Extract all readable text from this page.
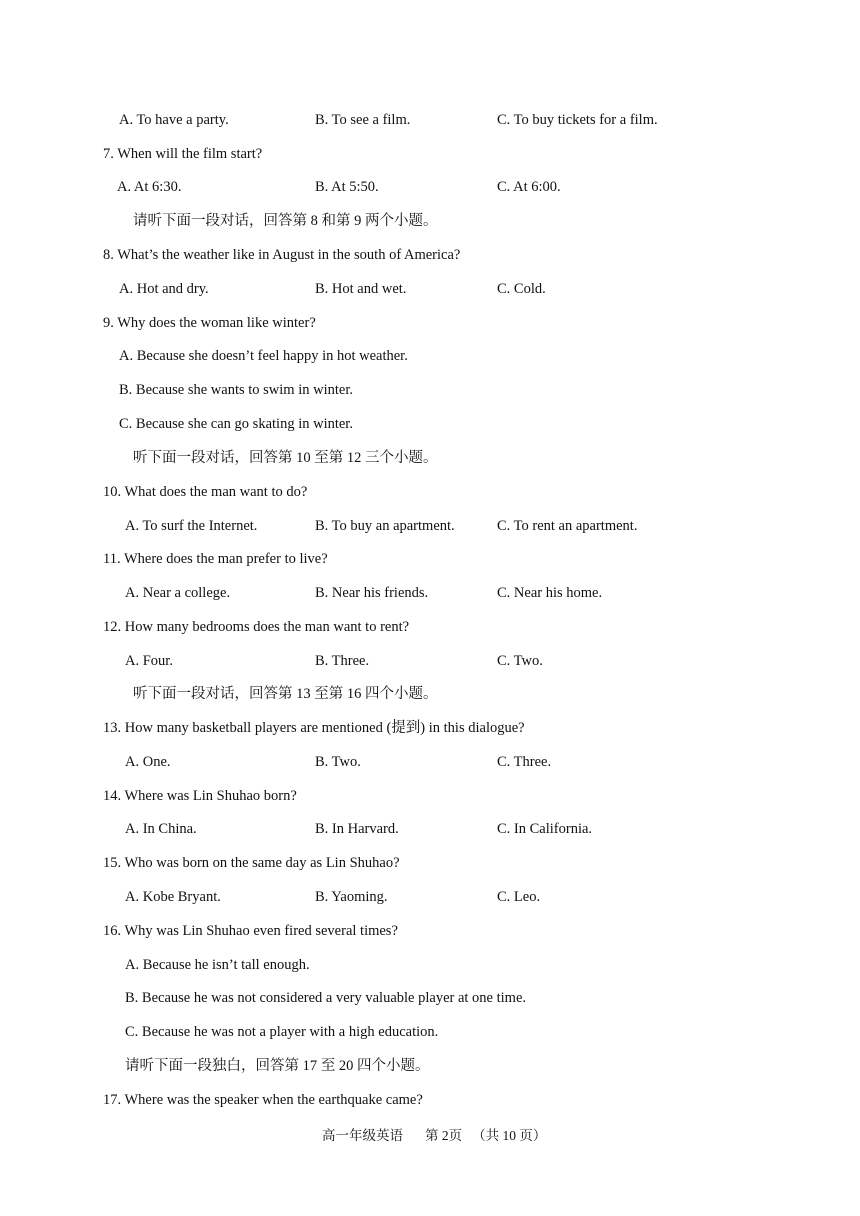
A. To have a party.	B. To see a film.	C. To buy tickets for a film.
7. When will the film start?
A. At 6:30.	B. At 5:50.	C. At 6:00.
请听下面一段对话，回答第 8 和第 9 两个小题。
8. What’s the weather like in August in the south of America?
A. Hot and dry.	B. Hot and wet.	C. Cold.
9. Why does the woman like winter?
A. Because she doesn’t feel happy in hot weather.
B. Because she wants to swim in winter.
C. Because she can go skating in winter.
听下面一段对话，回答第 10 至第 12 三个小题。
10. What does the man want to do?
A. To surf the Internet.	B. To buy an apartment.	C. To rent an apartment.
11. Where does the man prefer to live?
A. Near a college.	B. Near his friends.	C. Near his home.
12. How many bedrooms does the man want to rent?
A. Four.	B. Three.	C. Two.
听下面一段对话，回答第 13 至第 16 四个小题。
13. How many basketball players are mentioned (提到) in this dialogue?
A. One.	B. Two.	C. Three.
14. Where was Lin Shuhao born?
A. In China.	B. In Harvard.	C. In California.
15. Who was born on the same day as Lin Shuhao?
A. Kobe Bryant.	B. Yaoming.	C. Leo.
16. Why was Lin Shuhao even fired several times?
A. Because he isn’t tall enough.
B. Because he was not considered a very valuable player at one time.
C. Because he was not a player with a high education.
请听下面一段独白，回答第 17 至 20 四个小题。
17. Where was the speaker when the earthquake came?
高一年级英语 第 2页 （共 10 页）
